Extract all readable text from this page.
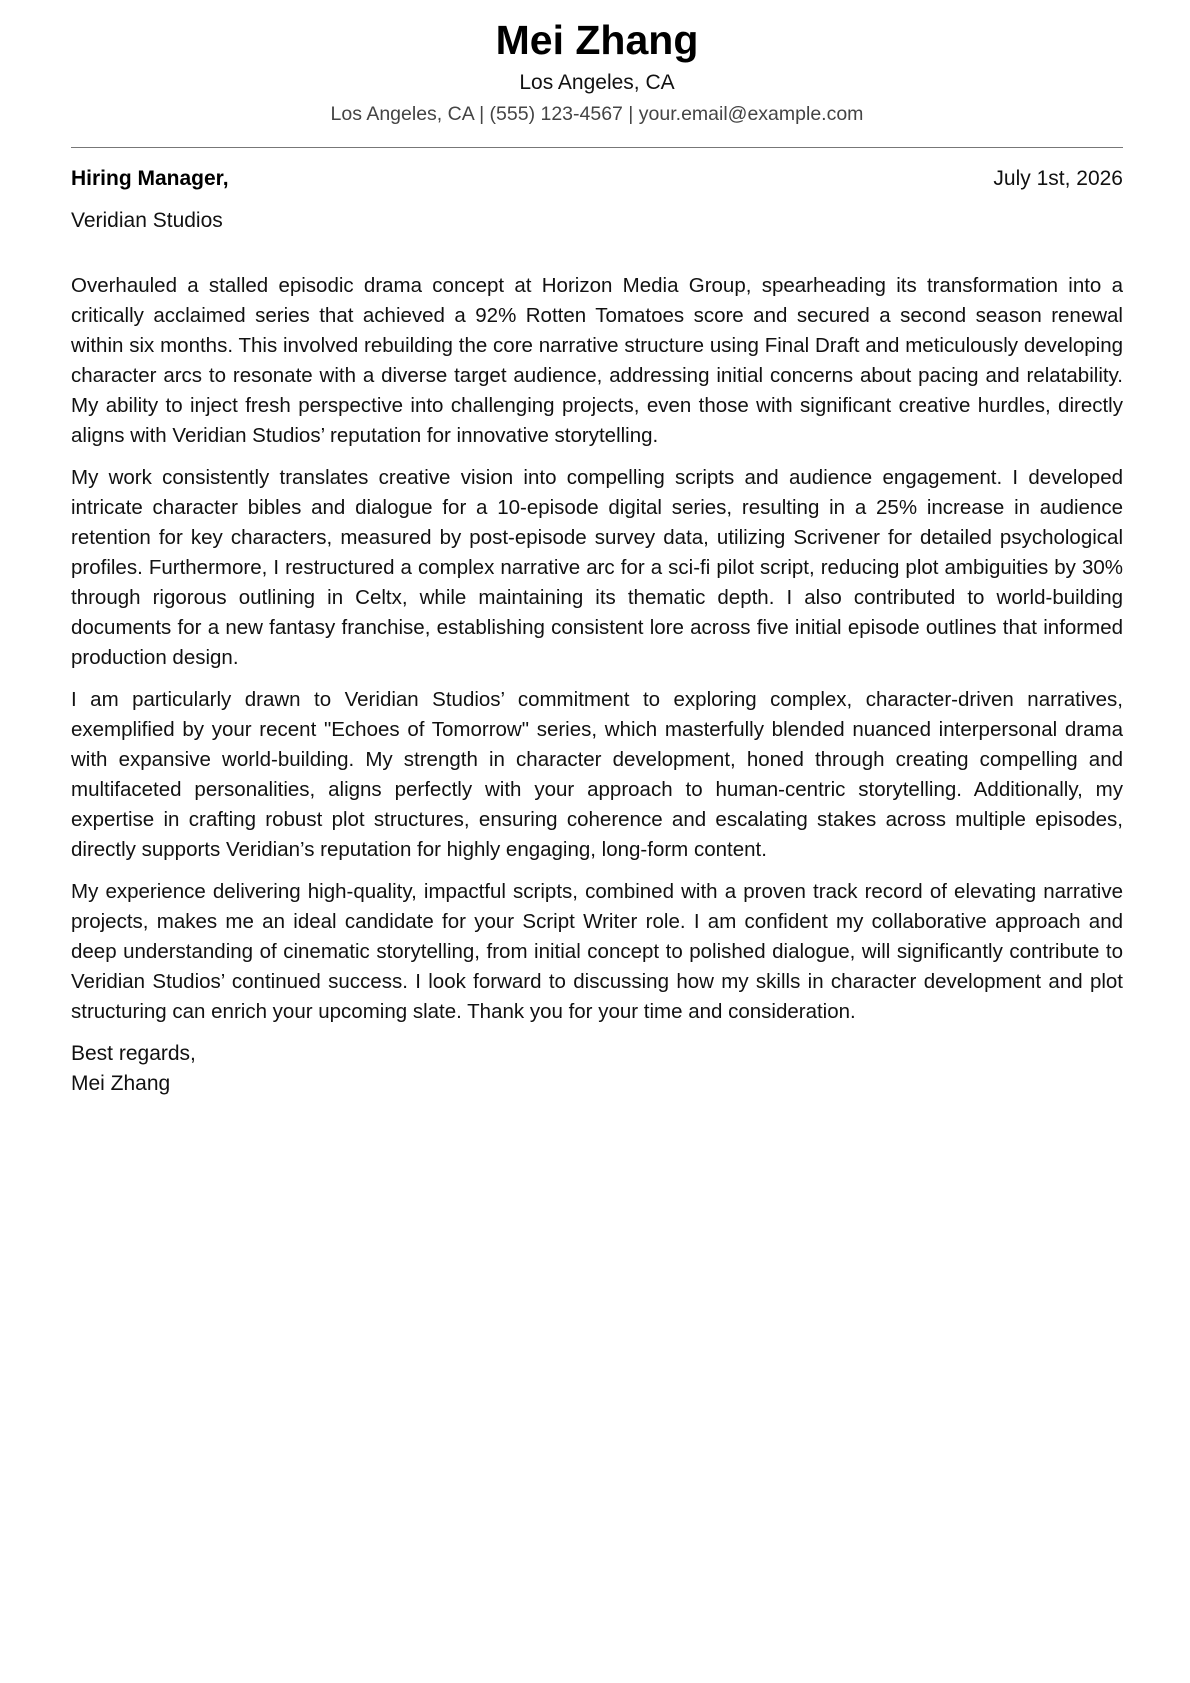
Mei Zhang
Los Angeles, CA
Los Angeles, CA | (555) 123-4567 | your.email@example.com
Hiring Manager,	July 1st, 2026
Veridian Studios

Overhauled a stalled episodic drama concept at Horizon Media Group, spearheading its transformation into a critically acclaimed series that achieved a 92% Rotten Tomatoes score and secured a second season renewal within six months. This involved rebuilding the core narrative structure using Final Draft and meticulously developing character arcs to resonate with a diverse target audience, addressing initial concerns about pacing and relatability. My ability to inject fresh perspective into challenging projects, even those with significant creative hurdles, directly aligns with Veridian Studios’ reputation for innovative storytelling.

My work consistently translates creative vision into compelling scripts and audience engagement. I developed intricate character bibles and dialogue for a 10-episode digital series, resulting in a 25% increase in audience retention for key characters, measured by post-episode survey data, utilizing Scrivener for detailed psychological profiles. Furthermore, I restructured a complex narrative arc for a sci-fi pilot script, reducing plot ambiguities by 30% through rigorous outlining in Celtx, while maintaining its thematic depth. I also contributed to world-building documents for a new fantasy franchise, establishing consistent lore across five initial episode outlines that informed production design.

I am particularly drawn to Veridian Studios’ commitment to exploring complex, character-driven narratives, exemplified by your recent "Echoes of Tomorrow" series, which masterfully blended nuanced interpersonal drama with expansive world-building. My strength in character development, honed through creating compelling and multifaceted personalities, aligns perfectly with your approach to human-centric storytelling. Additionally, my expertise in crafting robust plot structures, ensuring coherence and escalating stakes across multiple episodes, directly supports Veridian’s reputation for highly engaging, long-form content.

My experience delivering high-quality, impactful scripts, combined with a proven track record of elevating narrative projects, makes me an ideal candidate for your Script Writer role. I am confident my collaborative approach and deep understanding of cinematic storytelling, from initial concept to polished dialogue, will significantly contribute to Veridian Studios’ continued success. I look forward to discussing how my skills in character development and plot structuring can enrich your upcoming slate. Thank you for your time and consideration.

Best regards,
Mei Zhang
